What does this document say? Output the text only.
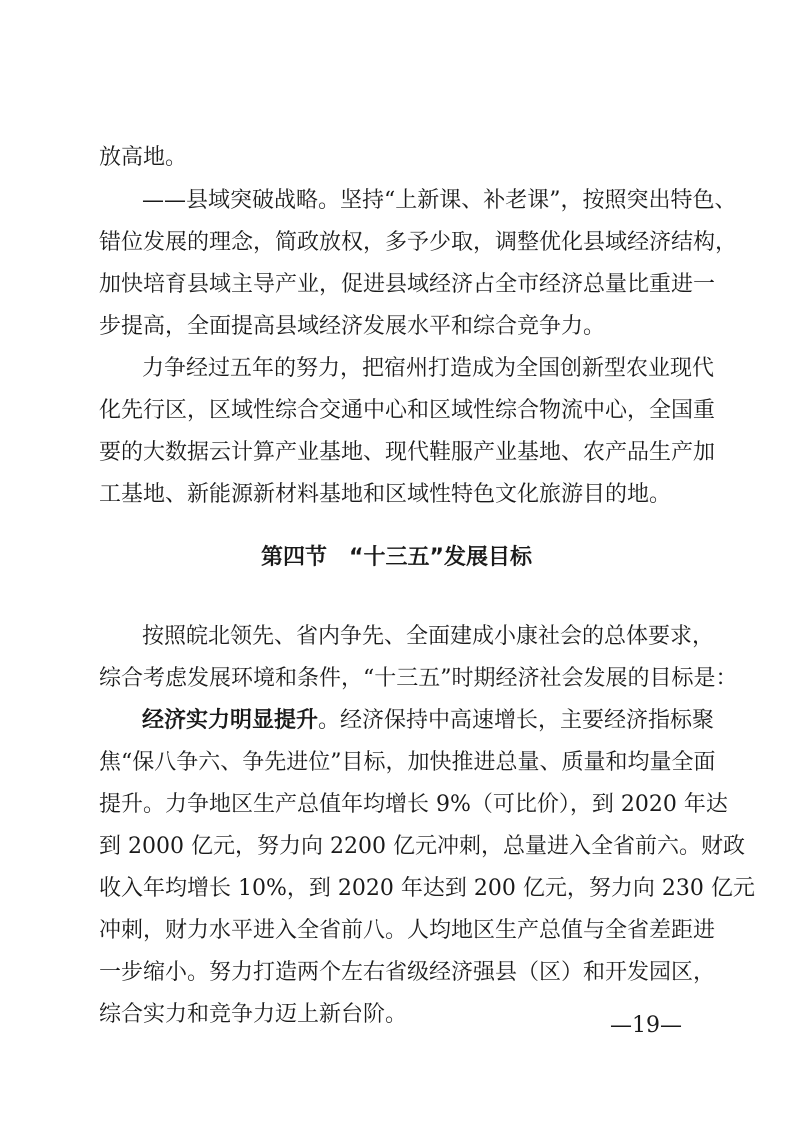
放高地。
——县域突破战略。坚持“上新课、补老课”，按照突出特色、
错位发展的理念，简政放权，多予少取，调整优化县域经济结构，
加快培育县域主导产业，促进县域经济占全市经济总量比重进一
步提高，全面提高县域经济发展水平和综合竞争力。
力争经过五年的努力，把宿州打造成为全国创新型农业现代
化先行区，区域性综合交通中心和区域性综合物流中心，全国重
要的大数据云计算产业基地、现代鞋服产业基地、农产品生产加
工基地、新能源新材料基地和区域性特色文化旅游目的地。
第四节　“十三五”发展目标
按照皖北领先、省内争先、全面建成小康社会的总体要求，
综合考虑发展环境和条件，“十三五”时期经济社会发展的目标是：
经济实力明显提升。经济保持中高速增长，主要经济指标聚
焦“保八争六、争先进位”目标，加快推进总量、质量和均量全面
提升。力争地区生产总值年均增长 9%（可比价），到 2020 年达
到 2000 亿元，努力向 2200 亿元冲刺，总量进入全省前六。财政
收入年均增长 10%，到 2020 年达到 200 亿元，努力向 230 亿元
冲刺，财力水平进入全省前八。人均地区生产总值与全省差距进
一步缩小。努力打造两个左右省级经济强县（区）和开发园区，
综合实力和竞争力迈上新台阶。	—19—
